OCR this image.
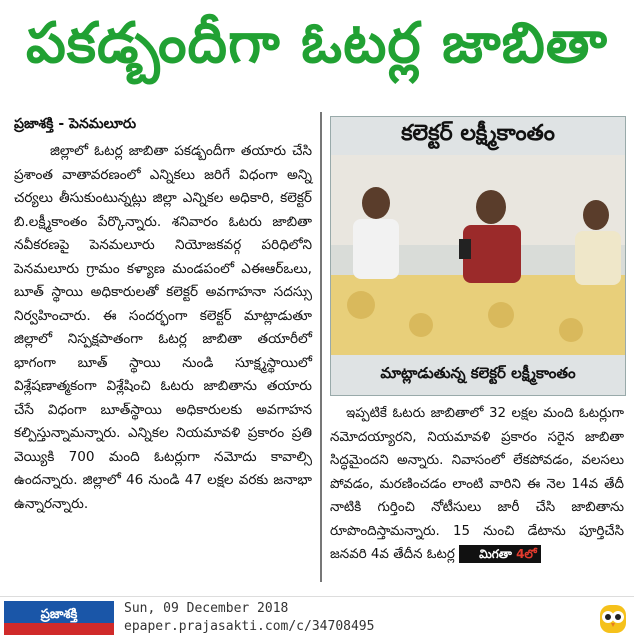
పకడ్బందీగా ఓటర్ల జాబితా
ప్రజాశక్తి - పెనమలూరు

జిల్లాలో ఓటర్ల జాబితా పకడ్బందీగా తయారు చేసి ప్రశాంత వాతావరణంలో ఎన్నికలు జరిగే విధంగా అన్ని చర్యలు తీసుకుంటున్నట్లు జిల్లా ఎన్నికల అధికారి, కలెక్టర్ బి.లక్ష్మీకాంతం పేర్కొన్నారు. శనివారం ఓటరు జాబితా నవీకరణపై పెనమలూరు నియోజకవర్గ పరిధిలోని పెనమలూరు గ్రామం కళ్యాణ మండపంలో ఎఈఆర్ఒలు, బూత్ స్థాయి అధికారులతో కలెక్టర్ అవగాహనా సదస్సు నిర్వహించారు. ఈ సందర్భంగా కలెక్టర్ మాట్లాడుతూ జిల్లాలో నిస్పక్షపాతంగా ఓటర్ల జాబితా తయారీలో భాగంగా బూత్ స్థాయి నుండి సూక్ష్మస్థాయిలో విశ్లేషణాత్మకంగా విశ్లేషించి ఓటరు జాబితాను తయారు చేసే విధంగా బూత్‌స్థాయి అధికారులకు అవగాహన కల్పిస్తున్నామన్నారు. ఎన్నికల నియమావళి ప్రకారం ప్రతి వెయ్యికి 700 మంది ఓటర్లుగా నమోదు కావాల్సి ఉందన్నారు. జిల్లాలో 46 నుండి 47 లక్షల వరకు జనాభా ఉన్నారన్నారు.

కలెక్టర్ లక్ష్మీకాంతం
మాట్లాడుతున్న కలెక్టర్ లక్ష్మీకాంతం

ఇప్పటికే ఓటరు జాబితాలో 32 లక్షల మంది ఓటర్లుగా నమోదయ్యారని, నియమావళి ప్రకారం సరైన జాబితా సిద్ధమైందని అన్నారు. నివాసంలో లేకపోవడం, వలసలు పోవడం, మరణించడం లాంటి వారిని ఈ నెల 14వ తేదీ నాటికి గుర్తించి నోటీసులు జారీ చేసి జాబితాను రూపొందిస్తామన్నారు. 15 నుంచి డేటాను పూర్తిచేసి జనవరి 4వ తేదీన ఓటర్ల మిగతా 4లో

ప్రజాశక్తి	Sun, 09 December 2018
epaper.prajasakti.com/c/34708495
